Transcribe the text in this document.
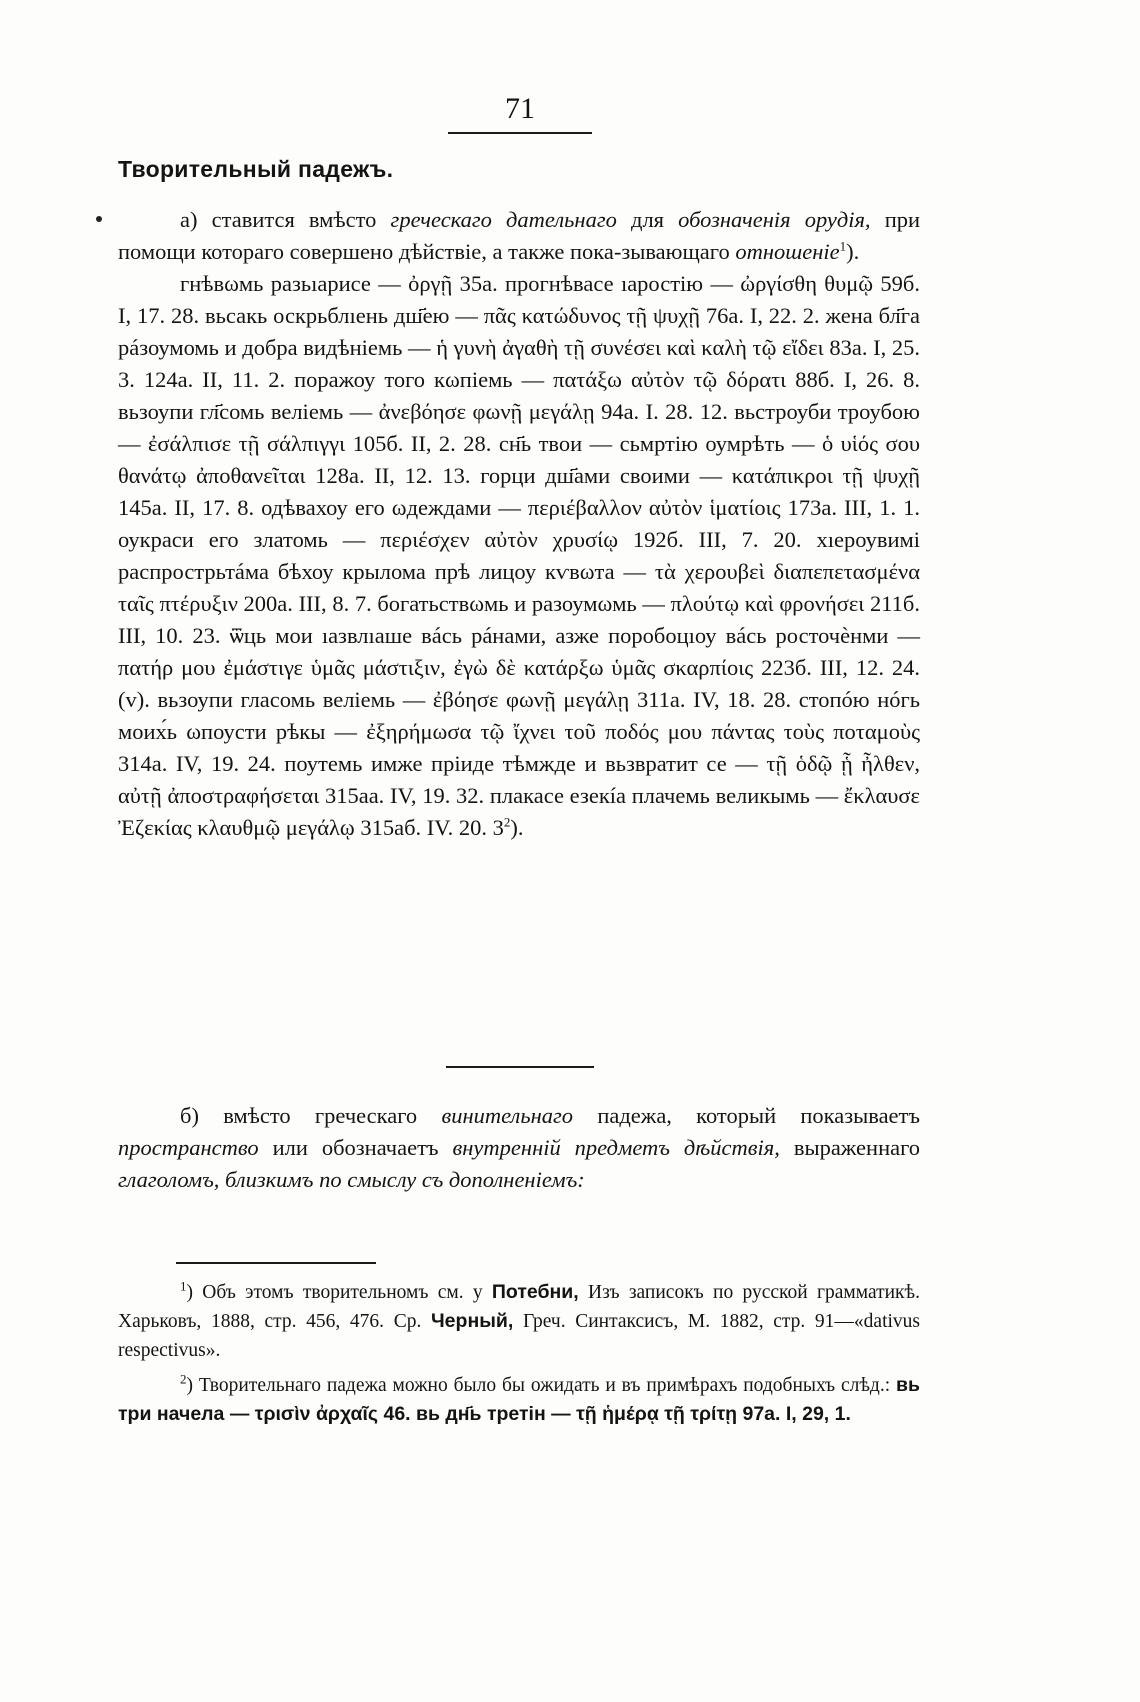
71
Творительный падежъ.
а) ставится вмѣсто греческаго дательнаго для обозначенія орудія, при помощи котораго совершено дѣйствіе, а также пока-зывающаго отношеніе$^1$).
гнѣвωмь разьıарисе — ὀργῇ 35а. прогнѣвасе ıаростію — ὠργίσθη θυμῷ 59б. I, 17. 28. вьсакь оскрьблıень дш҃ею — πᾶς κατώδυνος τῇ ψυχῇ 76а. I, 22. 2. жена бл҃га рáзоумомь и добра видѣніемь — ἡ γυνὴ ἀγαθὴ τῇ συνέσει καὶ καλὴ τῷ εἴδει 83а. I, 25. 3. 124а. II, 11. 2. поражоу того кωпіемь — πατάξω αὐτὸν τῷ δόρατι 88б. I, 26. 8. вьзоупи гл҃сомь веліемь — ἀνεβόησε φωνῇ μεγάλῃ 94а. I. 28. 12. вьстроуби троубою — ἐσάλπισε τῇ σάλπιγγι 105б. II, 2. 28. сн҃ь твои — сьмртію оумрѣть — ὁ υἱός σου θανάτῳ ἀποθανεῖται 128а. II, 12. 13. горци дш҃ами своими — κατάπικροι τῇ ψυχῇ 145а. II, 17. 8. одѣвахоу его ωдеждами — περιέβαλλον αὐτὸν ἱματίοις 173а. III, 1. 1. оукраси его златомь — περιέσχεν αὐτὸν χρυσίῳ 192б. III, 7. 20. хıероувимі распрострьтáма бѣхоу крылома прѣ лицоу кѵвωта — τὰ χερουβεὶ διαπεπετασμένα ταῖς πτέρυξιν 200а. III, 8. 7. богатьствωмь и разоумωмь — πλούτῳ καὶ φρονήσει 211б. III, 10. 23. ѿць мои ıазвлıаше вáсь рáнами, азже поробоцıоу вáсь росточѐнми — πατήρ μου ἐμάστιγε ὑμᾶς μάστιξιν, ἐγὼ δὲ κατάρξω ὑμᾶς σκαρπίοις 223б. III, 12. 24. (v). вьзоупи гласомь веліемь — ἐβόησε φωνῇ μεγάλῃ 311а. IV, 18. 28. стопóю нóгь моих́ь ωпоусти рѣкы — ἐξηρήμωσα τῷ ἴχνει τοῦ ποδός μου πάντας τοὺς ποταμοὺς 314а. IV, 19. 24. поутемь имже пріиде тѣмжде и вьзвратит се — τῇ ὁδῷ ᾗ ἦλθεν, αὐτῇ ἀποστραφήσεται 315аа. IV, 19. 32. плакасе езекíа плачемь великымь — ἔκλαυσε Ἐζεκίας κλαυθμῷ μεγάλῳ 315аб. IV. 20. $3^2$).
б) вмѣсто греческаго винительнаго падежа, который показываетъ пространство или обозначаетъ внутренній предметъ дѣйствія, выраженнаго глаголомъ, близкимъ по смыслу съ дополненіемъ:
$^1$) Объ этомъ творительномъ см. у Потебни, Изъ записокъ по русской грамматикѣ. Харьковъ, 1888, стр. 456, 476. Ср. Черный, Греч. Синтаксисъ, М. 1882, стр. 91—«dativus respectivus».
$^2$) Творительнаго падежа можно было бы ожидать и въ примѣрахъ подобныхъ слѣд.: вь три начела — τρισὶν ἀρχαῖς 46. вь дн҃ь третін — τῇ ἡμέρᾳ τῇ τρίτῃ 97а. I, 29, 1.
